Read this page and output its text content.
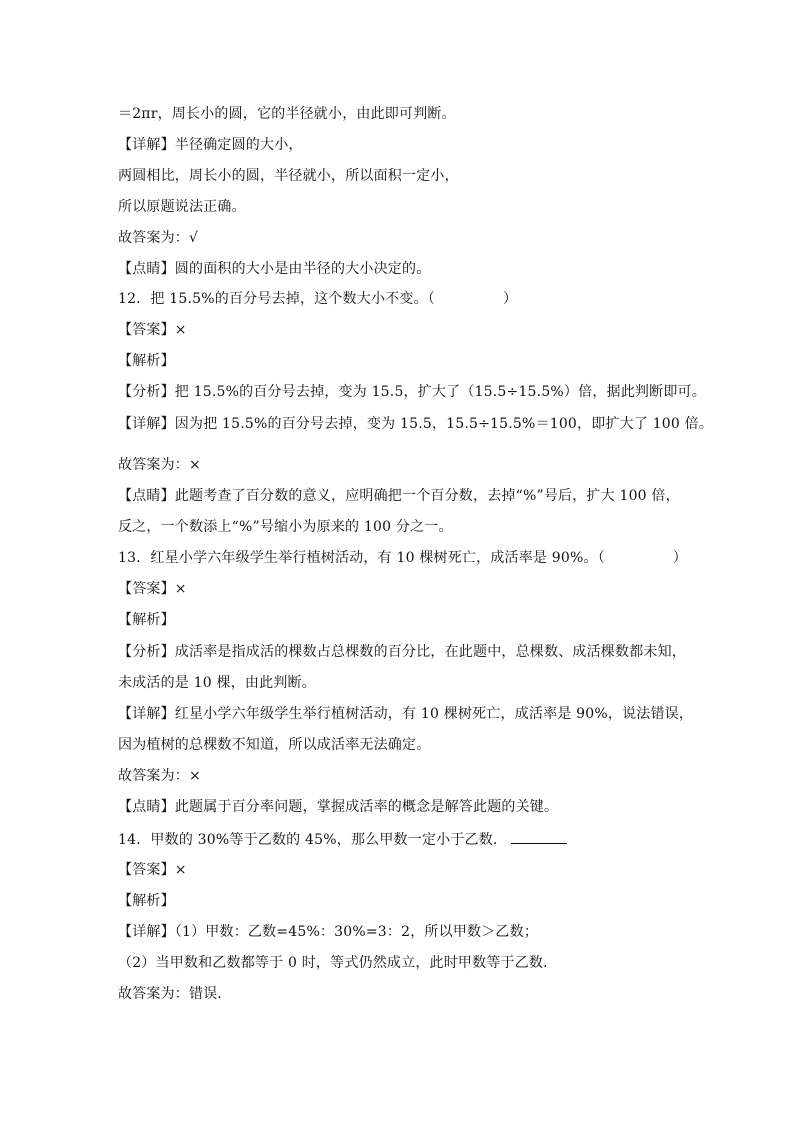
＝2πr，周长小的圆，它的半径就小，由此即可判断。
【详解】半径确定圆的大小，
两圆相比，周长小的圆，半径就小，所以面积一定小，
所以原题说法正确。
故答案为：√
【点睛】圆的面积的大小是由半径的大小决定的。
12．把 15.5%的百分号去掉，这个数大小不变。（	）
【答案】×
【解析】
【分析】把 15.5%的百分号去掉，变为 15.5，扩大了（15.5÷15.5%）倍，据此判断即可。
【详解】因为把 15.5%的百分号去掉，变为 15.5，15.5÷15.5%＝100，即扩大了 100 倍。
故答案为：×
【点睛】此题考查了百分数的意义，应明确把一个百分数，去掉“%”号后，扩大 100 倍，
反之，一个数添上“%”号缩小为原来的 100 分之一。
13．红星小学六年级学生举行植树活动，有 10 棵树死亡，成活率是 90%。（	）
【答案】×
【解析】
【分析】成活率是指成活的棵数占总棵数的百分比，在此题中，总棵数、成活棵数都未知，
未成活的是 10 棵，由此判断。
【详解】红星小学六年级学生举行植树活动，有 10 棵树死亡，成活率是 90%，说法错误，
因为植树的总棵数不知道，所以成活率无法确定。
故答案为：×
【点睛】此题属于百分率问题，掌握成活率的概念是解答此题的关键。
14．甲数的 30%等于乙数的 45%，那么甲数一定小于乙数．
【答案】×
【解析】
【详解】（1）甲数：乙数=45%：30%=3：2，所以甲数＞乙数；
（2）当甲数和乙数都等于 0 时，等式仍然成立，此时甲数等于乙数．
故答案为：错误．
